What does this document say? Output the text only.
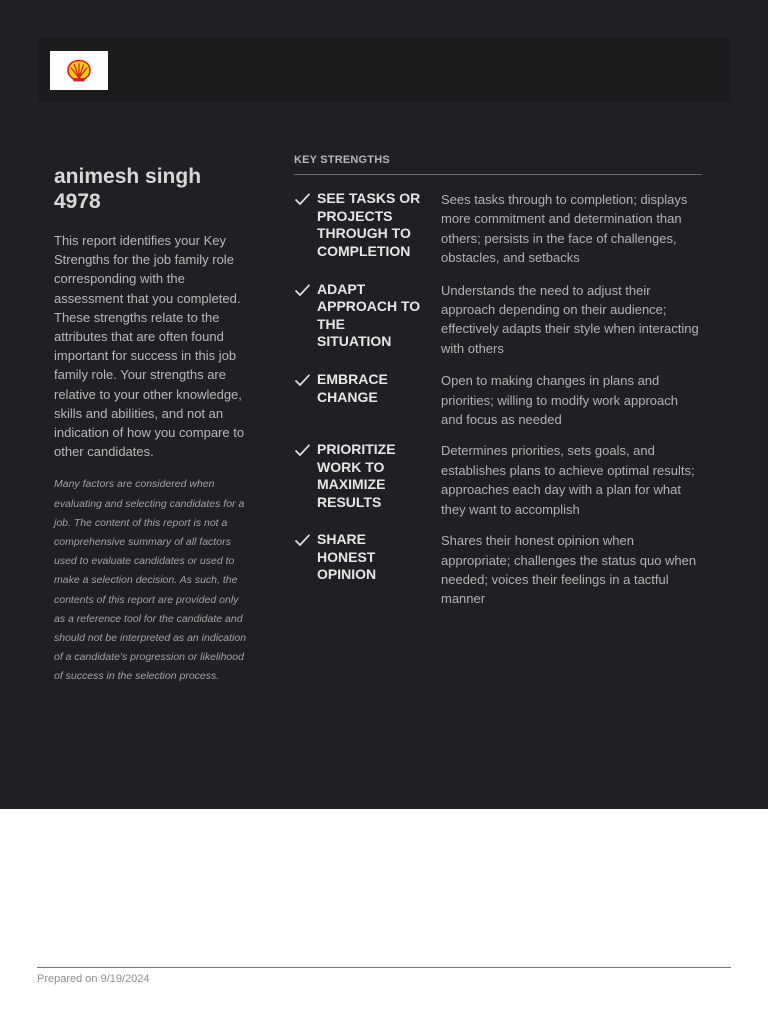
animesh singh 4978

This report identifies your Key Strengths for the job family role corresponding with the assessment that you completed. These strengths relate to the attributes that are often found important for success in this job family role. Your strengths are relative to your other knowledge, skills and abilities, and not an indication of how you compare to other candidates.

Many factors are considered when evaluating and selecting candidates for a job. The content of this report is not a comprehensive summary of all factors used to evaluate candidates or used to make a selection decision. As such, the contents of this report are provided only as a reference tool for the candidate and should not be interpreted as an indication of a candidate's progression or likelihood of success in the selection process.

KEY STRENGTHS
SEE TASKS OR PROJECTS THROUGH TO COMPLETION
Sees tasks through to completion; displays more commitment and determination than others; persists in the face of challenges, obstacles, and setbacks
ADAPT APPROACH TO THE SITUATION
Understands the need to adjust their approach depending on their audience; effectively adapts their style when interacting with others
EMBRACE CHANGE
Open to making changes in plans and priorities; willing to modify work approach and focus as needed
PRIORITIZE WORK TO MAXIMIZE RESULTS
Determines priorities, sets goals, and establishes plans to achieve optimal results; approaches each day with a plan for what they want to accomplish
SHARE HONEST OPINION
Shares their honest opinion when appropriate; challenges the status quo when needed; voices their feelings in a tactful manner
Prepared on 9/19/2024
